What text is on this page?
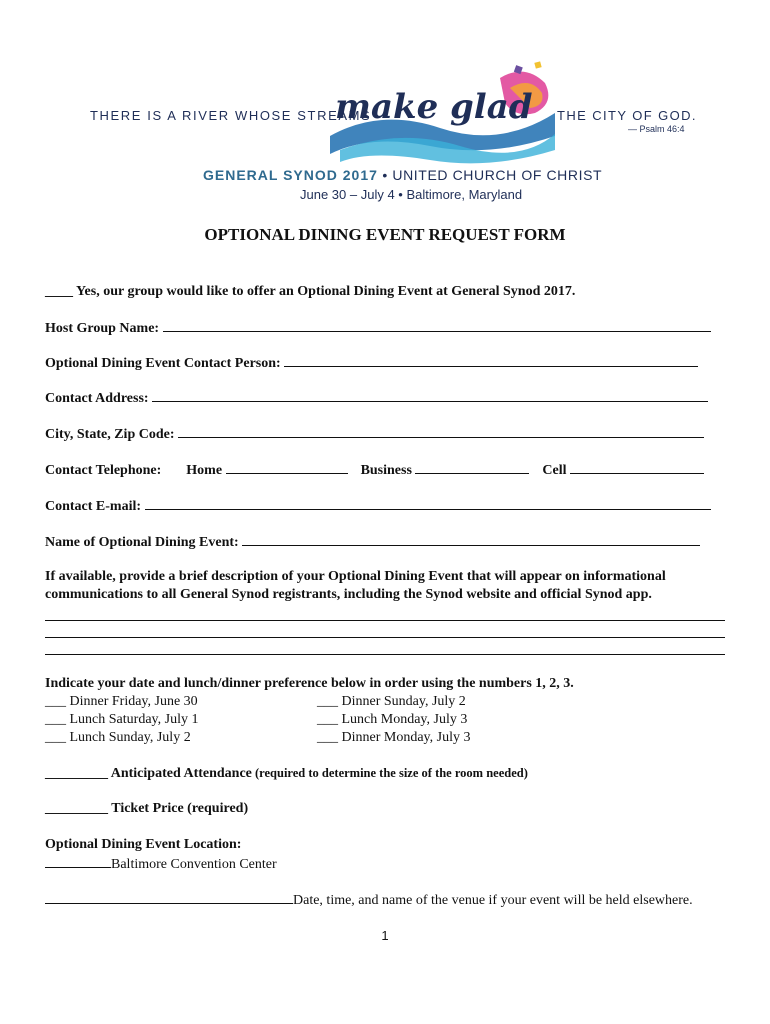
THERE IS A RIVER WHOSE STREAMS
make glad THE CITY OF GOD.
— Psalm 46:4
GENERAL SYNOD 2017 • UNITED CHURCH OF CHRIST
June 30 – July 4 • Baltimore, Maryland
OPTIONAL DINING EVENT REQUEST FORM
____ Yes, our group would like to offer an Optional Dining Event at General Synod 2017.
Host Group Name:
Optional Dining Event Contact Person:
Contact Address:
City, State, Zip Code:
Contact Telephone: Home	Business	Cell
Contact E-mail:
Name of Optional Dining Event:
If available, provide a brief description of your Optional Dining Event that will appear on informational
communications to all General Synod registrants, including the Synod website and official Synod app.
Indicate your date and lunch/dinner preference below in order using the numbers 1, 2, 3.
___ Dinner Friday, June 30
___ Lunch Saturday, July 1
___ Lunch Sunday, July 2
___ Dinner Sunday, July 2
___ Lunch Monday, July 3
___ Dinner Monday, July 3
_________ Anticipated Attendance (required to determine the size of the room needed)
_________ Ticket Price (required)
Optional Dining Event Location:
Baltimore Convention Center
Date, time, and name of the venue if your event will be held elsewhere.
1
